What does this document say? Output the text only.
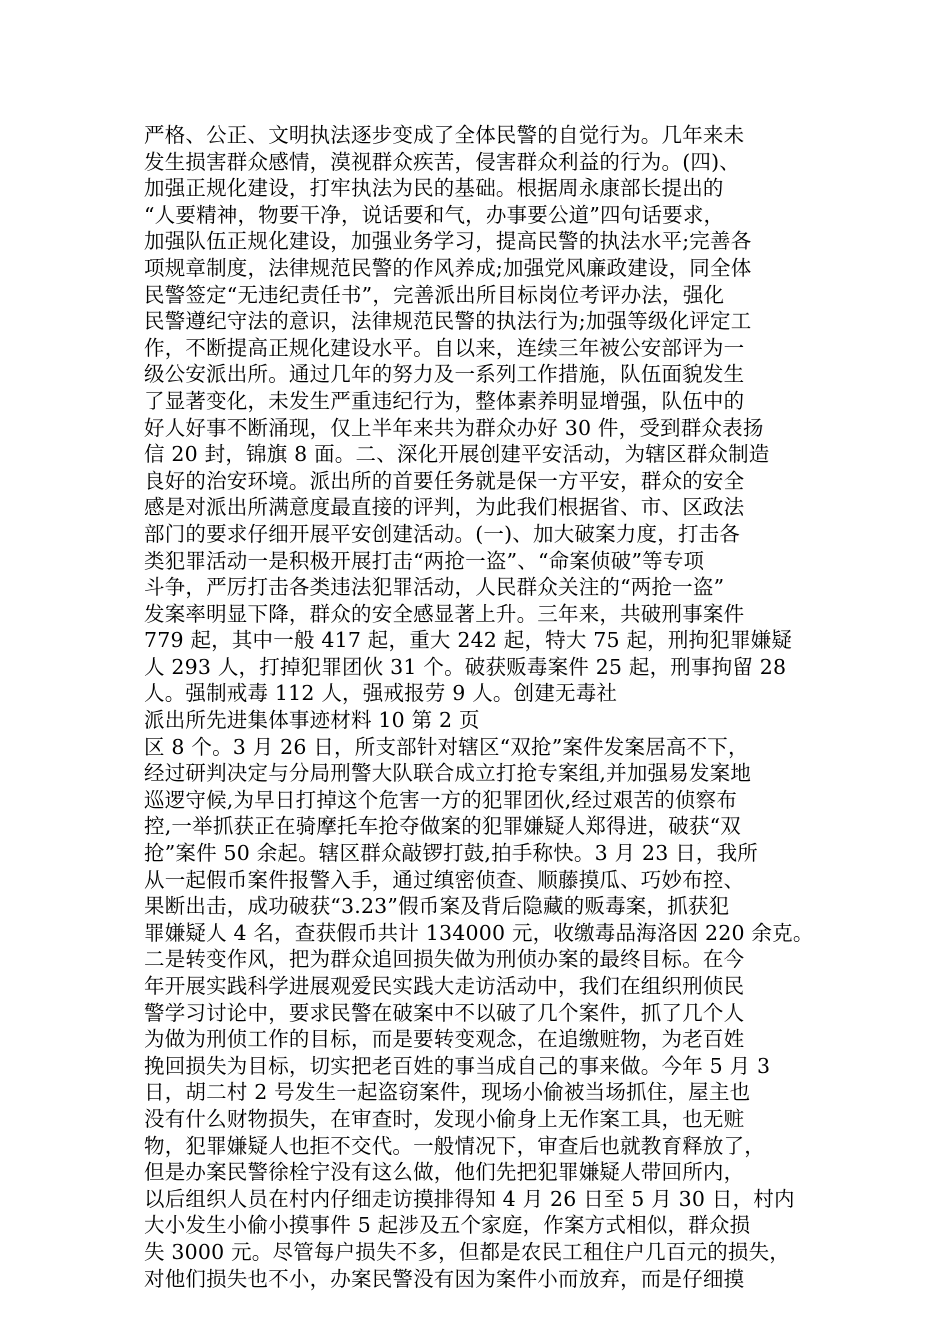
严格、公正、文明执法逐步变成了全体民警的自觉行为。几年来未
发生损害群众感情，漠视群众疾苦，侵害群众利益的行为。(四)、
加强正规化建设，打牢执法为民的基础。根据周永康部长提出的
“人要精神，物要干净，说话要和气，办事要公道”四句话要求，
加强队伍正规化建设，加强业务学习，提高民警的执法水平;完善各
项规章制度，法律规范民警的作风养成;加强党风廉政建设，同全体
民警签定“无违纪责任书”，完善派出所目标岗位考评办法，强化
民警遵纪守法的意识，法律规范民警的执法行为;加强等级化评定工
作，不断提高正规化建设水平。自以来，连续三年被公安部评为一
级公安派出所。通过几年的努力及一系列工作措施，队伍面貌发生
了显著变化，未发生严重违纪行为，整体素养明显增强，队伍中的
好人好事不断涌现，仅上半年来共为群众办好 30 件，受到群众表扬
信 20 封，锦旗 8 面。二、深化开展创建平安活动，为辖区群众制造
良好的治安环境。派出所的首要任务就是保一方平安，群众的安全
感是对派出所满意度最直接的评判，为此我们根据省、市、区政法
部门的要求仔细开展平安创建活动。(一)、加大破案力度，打击各
类犯罪活动一是积极开展打击“两抢一盗”、“命案侦破”等专项
斗争，严厉打击各类违法犯罪活动，人民群众关注的“两抢一盗”
发案率明显下降，群众的安全感显著上升。三年来，共破刑事案件
779 起，其中一般 417 起，重大 242 起，特大 75 起，刑拘犯罪嫌疑
人 293 人，打掉犯罪团伙 31 个。破获贩毒案件 25 起，刑事拘留 28
人。强制戒毒 112 人，强戒报劳 9 人。创建无毒社
派出所先进集体事迹材料 10 第 2 页
区 8 个。3 月 26 日，所支部针对辖区“双抢”案件发案居高不下，
经过研判决定与分局刑警大队联合成立打抢专案组,并加强易发案地
巡逻守候,为早日打掉这个危害一方的犯罪团伙,经过艰苦的侦察布
控,一举抓获正在骑摩托车抢夺做案的犯罪嫌疑人郑得进，破获“双
抢”案件 50 余起。辖区群众敲锣打鼓,拍手称快。3 月 23 日，我所
从一起假币案件报警入手，通过缜密侦查、顺藤摸瓜、巧妙布控、
果断出击，成功破获“3.23”假币案及背后隐藏的贩毒案，抓获犯
罪嫌疑人 4 名，查获假币共计 134000 元，收缴毒品海洛因 220 余克。
二是转变作风，把为群众追回损失做为刑侦办案的最终目标。在今
年开展实践科学进展观爱民实践大走访活动中，我们在组织刑侦民
警学习讨论中，要求民警在破案中不以破了几个案件，抓了几个人
为做为刑侦工作的目标，而是要转变观念，在追缴赃物，为老百姓
挽回损失为目标，切实把老百姓的事当成自己的事来做。今年 5 月 3
日，胡二村 2 号发生一起盗窃案件，现场小偷被当场抓住，屋主也
没有什么财物损失，在审查时，发现小偷身上无作案工具，也无赃
物，犯罪嫌疑人也拒不交代。一般情况下，审查后也就教育释放了，
但是办案民警徐栓宁没有这么做，他们先把犯罪嫌疑人带回所内，
以后组织人员在村内仔细走访摸排得知 4 月 26 日至 5 月 30 日，村内
大小发生小偷小摸事件 5 起涉及五个家庭，作案方式相似，群众损
失 3000 元。尽管每户损失不多，但都是农民工租住户几百元的损失，
对他们损失也不小，办案民警没有因为案件小而放弃，而是仔细摸
